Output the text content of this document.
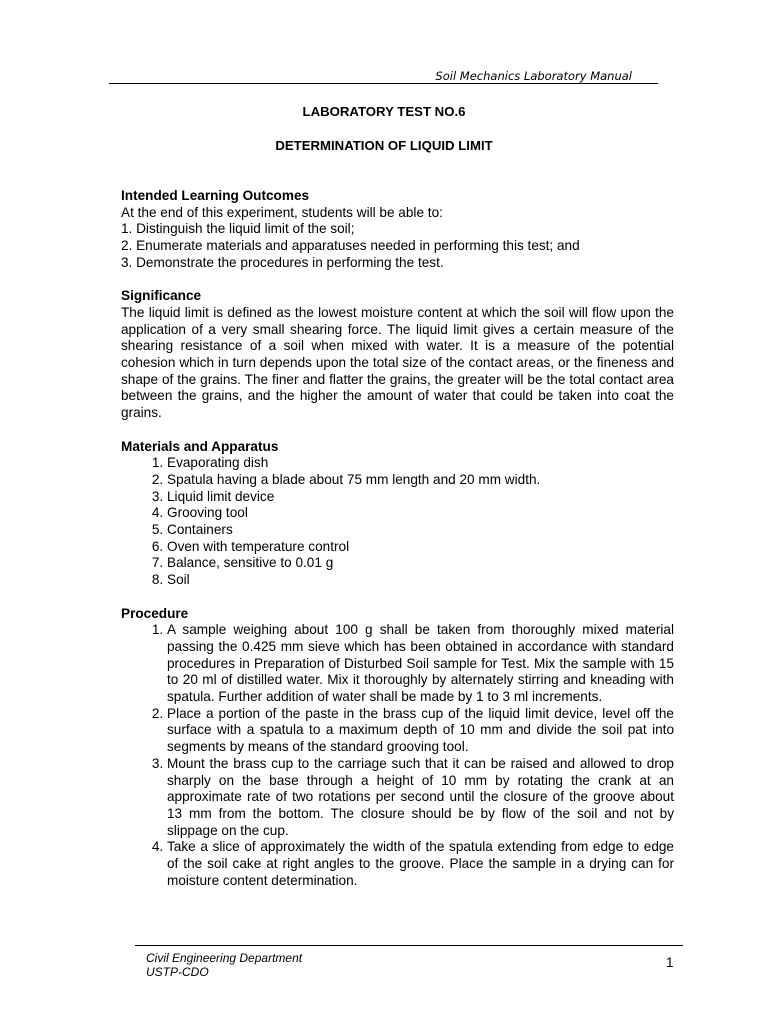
Soil Mechanics Laboratory Manual
LABORATORY TEST NO.6
DETERMINATION OF LIQUID LIMIT
Intended Learning Outcomes
At the end of this experiment, students will be able to:
1. Distinguish the liquid limit of the soil;
2. Enumerate materials and apparatuses needed in performing this test; and
3. Demonstrate the procedures in performing the test.
Significance
The liquid limit is defined as the lowest moisture content at which the soil will flow upon the application of a very small shearing force. The liquid limit gives a certain measure of the shearing resistance of a soil when mixed with water. It is a measure of the potential cohesion which in turn depends upon the total size of the contact areas, or the fineness and shape of the grains. The finer and flatter the grains, the greater will be the total contact area between the grains, and the higher the amount of water that could be taken into coat the grains.
Materials and Apparatus
1. Evaporating dish
2. Spatula having a blade about 75 mm length and 20 mm width.
3. Liquid limit device
4. Grooving tool
5. Containers
6. Oven with temperature control
7. Balance, sensitive to 0.01 g
8. Soil
Procedure
1. A sample weighing about 100 g shall be taken from thoroughly mixed material passing the 0.425 mm sieve which has been obtained in accordance with standard procedures in Preparation of Disturbed Soil sample for Test. Mix the sample with 15 to 20 ml of distilled water. Mix it thoroughly by alternately stirring and kneading with spatula. Further addition of water shall be made by 1 to 3 ml increments.
2. Place a portion of the paste in the brass cup of the liquid limit device, level off the surface with a spatula to a maximum depth of 10 mm and divide the soil pat into segments by means of the standard grooving tool.
3. Mount the brass cup to the carriage such that it can be raised and allowed to drop sharply on the base through a height of 10 mm by rotating the crank at an approximate rate of two rotations per second until the closure of the groove about 13 mm from the bottom. The closure should be by flow of the soil and not by slippage on the cup.
4. Take a slice of approximately the width of the spatula extending from edge to edge of the soil cake at right angles to the groove. Place the sample in a drying can for moisture content determination.
Civil Engineering Department
USTP-CDO
1
